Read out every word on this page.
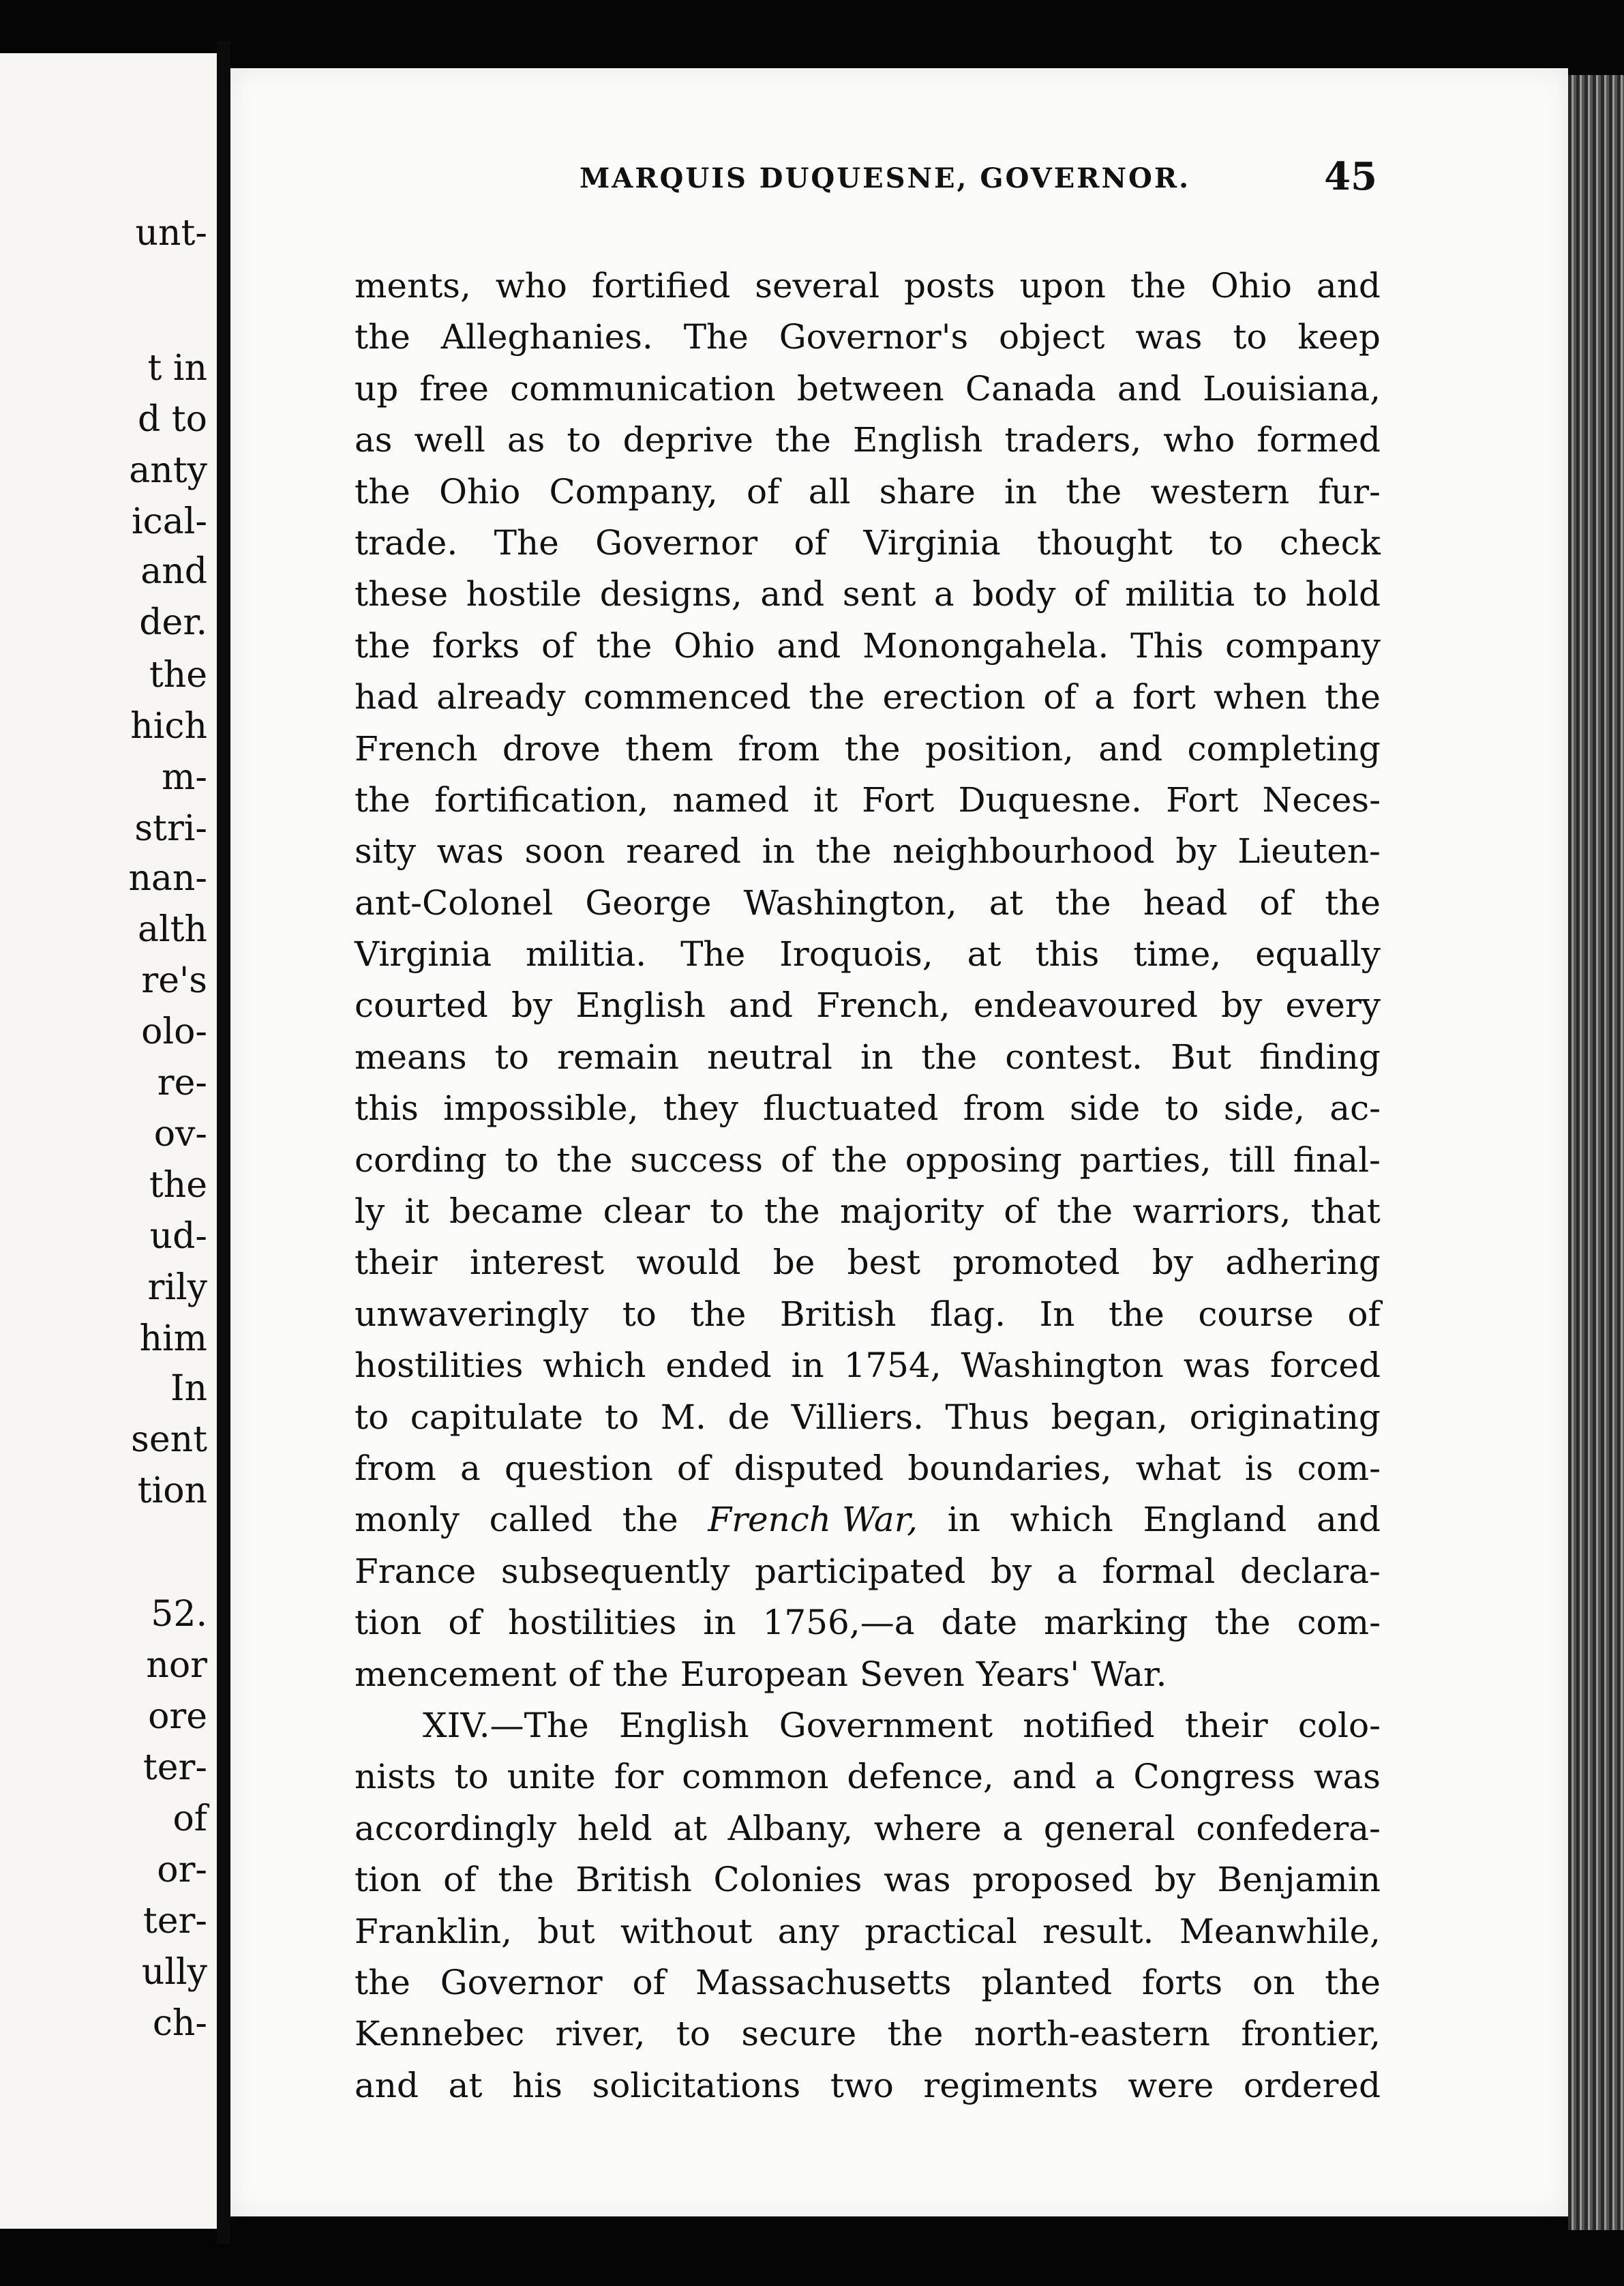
unt-

t in

d to

anty

ical-

and

der.

the

hich

m-

stri-

nan-

alth

re's

olo-

re-

ov-

the

ud-

rily

him

In

sent

tion

52.

nor

ore

ter-

of

or-

ter-

ully

ch-

MARQUIS DUQUESNE, GOVERNOR.	45

ments, who fortified several posts upon the Ohio and
the Alleghanies. The Governor's object was to keep
up free communication between Canada and Louisiana,
as well as to deprive the English traders, who formed
the Ohio Company, of all share in the western fur-
trade. The Governor of Virginia thought to check
these hostile designs, and sent a body of militia to hold
the forks of the Ohio and Monongahela. This company
had already commenced the erection of a fort when the
French drove them from the position, and completing
the fortification, named it Fort Duquesne. Fort Neces-
sity was soon reared in the neighbourhood by Lieuten-
ant-Colonel George Washington, at the head of the
Virginia militia. The Iroquois, at this time, equally
courted by English and French, endeavoured by every
means to remain neutral in the contest. But finding
this impossible, they fluctuated from side to side, ac-
cording to the success of the opposing parties, till final-
ly it became clear to the majority of the warriors, that
their interest would be best promoted by adhering
unwaveringly to the British flag. In the course of
hostilities which ended in 1754, Washington was forced
to capitulate to M. de Villiers. Thus began, originating
from a question of disputed boundaries, what is com-
monly called the French War, in which England and
France subsequently participated by a formal declara-
tion of hostilities in 1756,—a date marking the com-
mencement of the European Seven Years' War.
XIV.—The English Government notified their colo-
nists to unite for common defence, and a Congress was
accordingly held at Albany, where a general confedera-
tion of the British Colonies was proposed by Benjamin
Franklin, but without any practical result. Meanwhile,
the Governor of Massachusetts planted forts on the
Kennebec river, to secure the north-eastern frontier,
and at his solicitations two regiments were ordered
